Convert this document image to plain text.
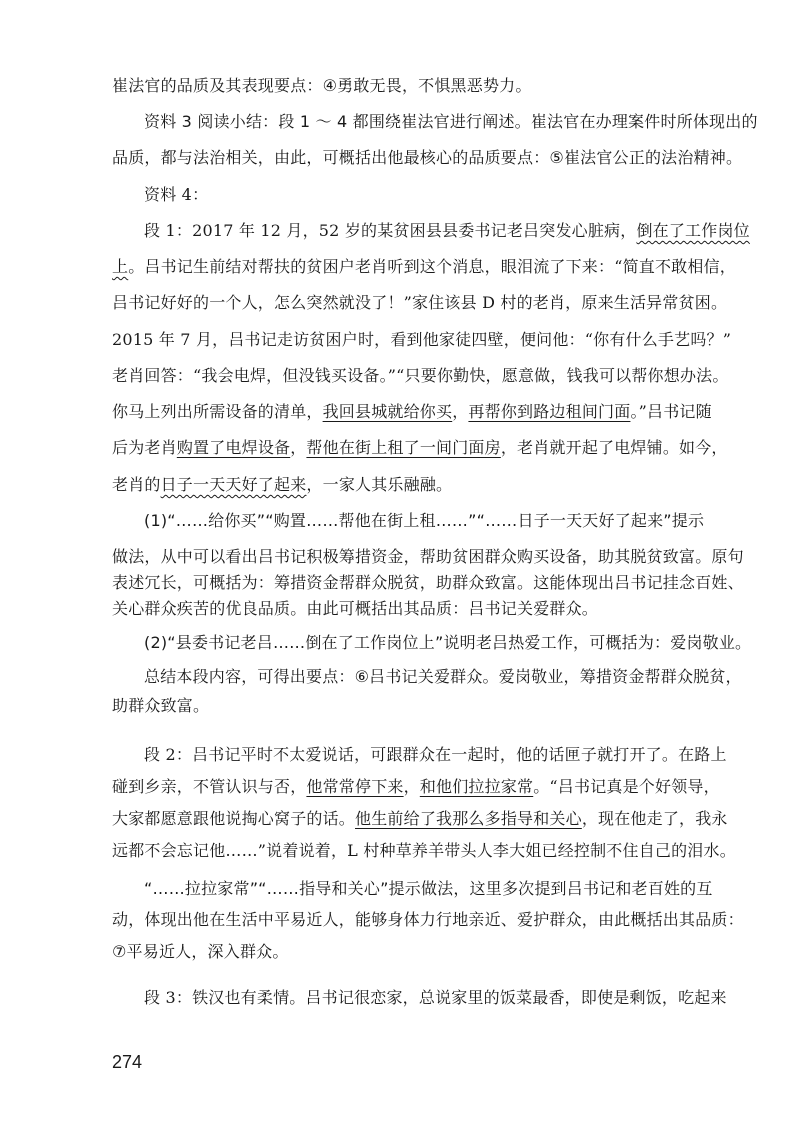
崔法官的品质及其表现要点：④勇敢无畏，不惧黑恶势力。
资料 3 阅读小结：段 1 ～ 4 都围绕崔法官进行阐述。崔法官在办理案件时所体现出的
品质，都与法治相关，由此，可概括出他最核心的品质要点：⑤崔法官公正的法治精神。
资料 4：
段 1：2017 年 12 月，52 岁的某贫困县县委书记老吕突发心脏病，倒在了工作岗位
上。吕书记生前结对帮扶的贫困户老肖听到这个消息，眼泪流了下来：“简直不敢相信，
吕书记好好的一个人，怎么突然就没了！”家住该县 D 村的老肖，原来生活异常贫困。
2015 年 7 月，吕书记走访贫困户时，看到他家徒四壁，便问他：“你有什么手艺吗？”
老肖回答：“我会电焊，但没钱买设备。”“只要你勤快，愿意做，钱我可以帮你想办法。
你马上列出所需设备的清单，我回县城就给你买，再帮你到路边租间门面。”吕书记随
后为老肖购置了电焊设备，帮他在街上租了一间门面房，老肖就开起了电焊铺。如今，
老肖的日子一天天好了起来，一家人其乐融融。
(1)“……给你买”“购置……帮他在街上租……”“……日子一天天好了起来”提示
做法，从中可以看出吕书记积极筹措资金，帮助贫困群众购买设备，助其脱贫致富。原句
表述冗长，可概括为：筹措资金帮群众脱贫，助群众致富。这能体现出吕书记挂念百姓、
关心群众疾苦的优良品质。由此可概括出其品质：吕书记关爱群众。
(2)“县委书记老吕……倒在了工作岗位上”说明老吕热爱工作，可概括为：爱岗敬业。
总结本段内容，可得出要点：⑥吕书记关爱群众。爱岗敬业，筹措资金帮群众脱贫，
助群众致富。
段 2：吕书记平时不太爱说话，可跟群众在一起时，他的话匣子就打开了。在路上
碰到乡亲，不管认识与否，他常常停下来，和他们拉拉家常。“吕书记真是个好领导，
大家都愿意跟他说掏心窝子的话。他生前给了我那么多指导和关心，现在他走了，我永
远都不会忘记他……”说着说着，L 村种草养羊带头人李大姐已经控制不住自己的泪水。
“……拉拉家常”“……指导和关心”提示做法，这里多次提到吕书记和老百姓的互
动，体现出他在生活中平易近人，能够身体力行地亲近、爱护群众，由此概括出其品质：
⑦平易近人，深入群众。
段 3：铁汉也有柔情。吕书记很恋家，总说家里的饭菜最香，即使是剩饭，吃起来
274
